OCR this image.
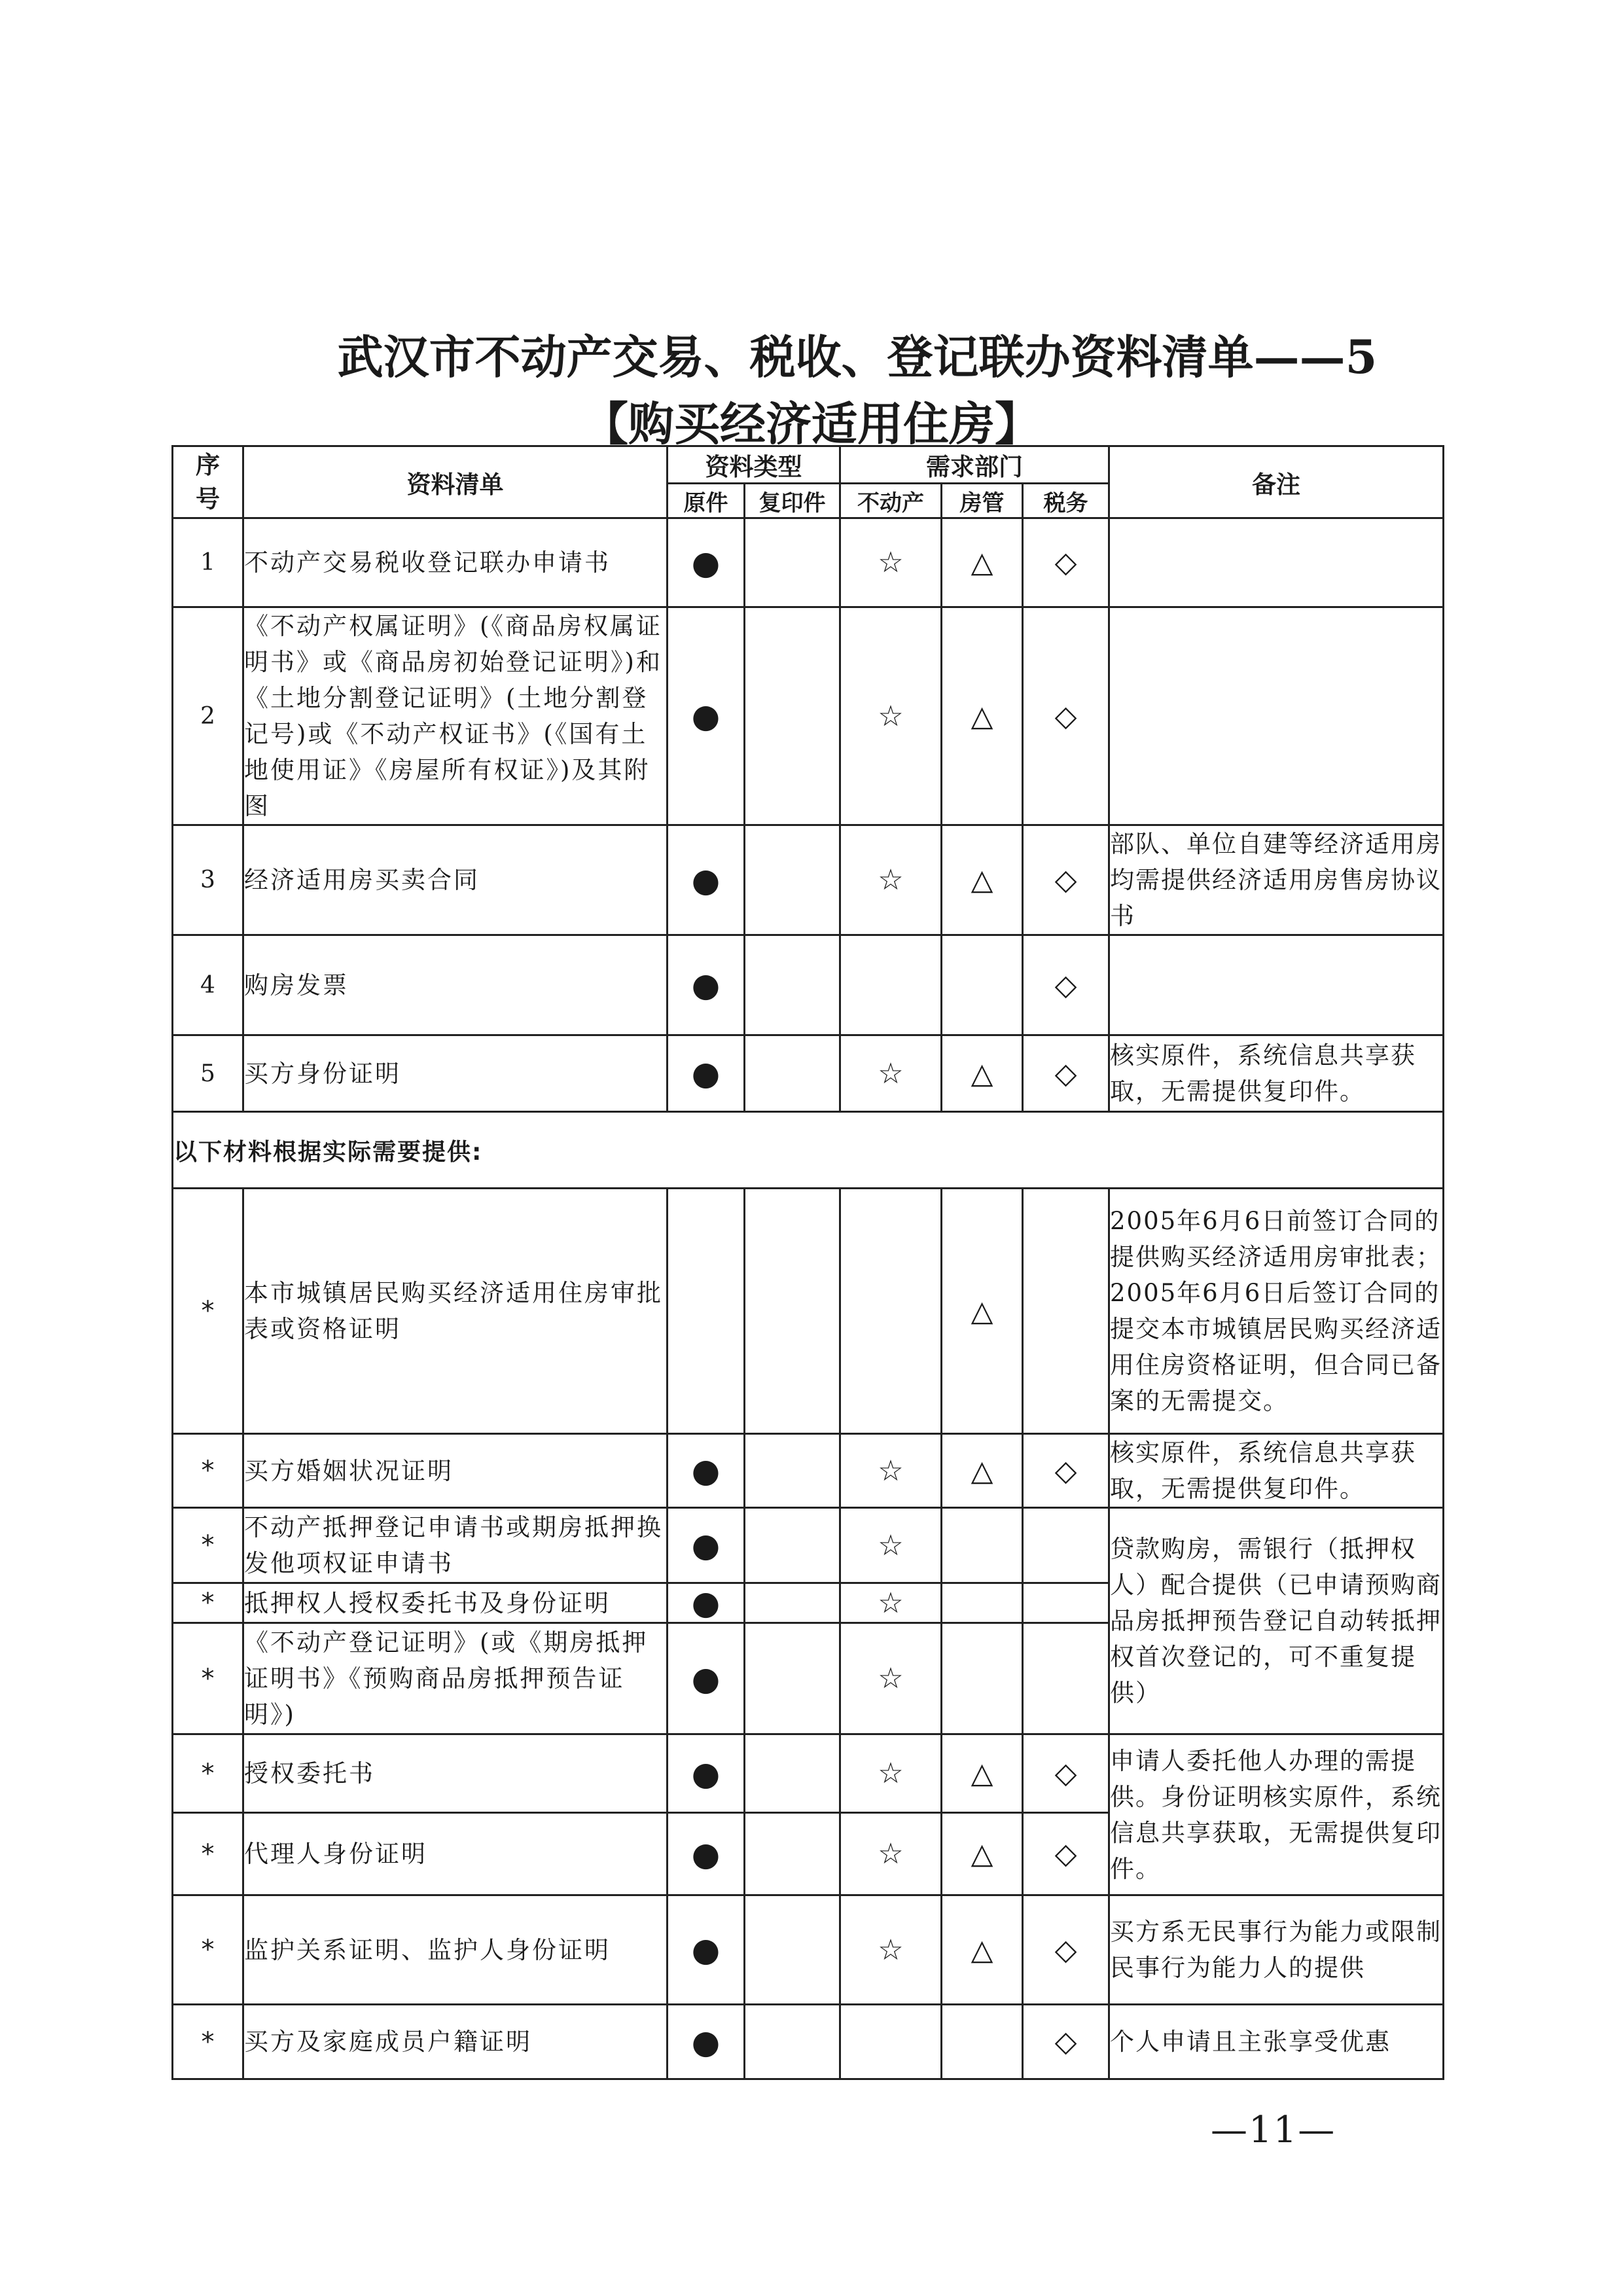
武汉市不动产交易、税收、登记联办资料清单——5
【购买经济适用住房】
序号	资料清单	资料类型		需求部门			备注
		原件	复印件	不动产	房管	税务	
1	不动产交易税收登记联办申请书	●		☆	△	◇	
2	《不动产权属证明》(《商品房权属证明书》或《商品房初始登记证明》)和《土地分割登记证明》(土地分割登记号)或《不动产权证书》(《国有土地使用证》《房屋所有权证》)及其附图	●		☆	△	◇	
3	经济适用房买卖合同	●		☆	△	◇	部队、单位自建等经济适用房均需提供经济适用房售房协议书
4	购房发票	●				◇	
5	买方身份证明	●		☆	△	◇	核实原件，系统信息共享获取，无需提供复印件。
以下材料根据实际需要提供:							
*	本市城镇居民购买经济适用住房审批表或资格证明				△		2005年6月6日前签订合同的提供购买经济适用房审批表；2005年6月6日后签订合同的提交本市城镇居民购买经济适用住房资格证明，但合同已备案的无需提交。
*	买方婚姻状况证明	●		☆	△	◇	核实原件，系统信息共享获取，无需提供复印件。
*	不动产抵押登记申请书或期房抵押换发他项权证申请书	●		☆			贷款购房，需银行（抵押权人）配合提供（已申请预购商品房抵押预告登记自动转抵押权首次登记的，可不重复提供）
*	抵押权人授权委托书及身份证明	●		☆			
*	《不动产登记证明》(或《期房抵押证明书》《预购商品房抵押预告证明》)	●		☆			
*	授权委托书	●		☆	△	◇	申请人委托他人办理的需提供。身份证明核实原件，系统信息共享获取，无需提供复印件。
*	代理人身份证明	●		☆	△	◇	
*	监护关系证明、监护人身份证明	●		☆	△	◇	买方系无民事行为能力或限制民事行为能力人的提供
*	买方及家庭成员户籍证明	●				◇	个人申请且主张享受优惠
—11—
